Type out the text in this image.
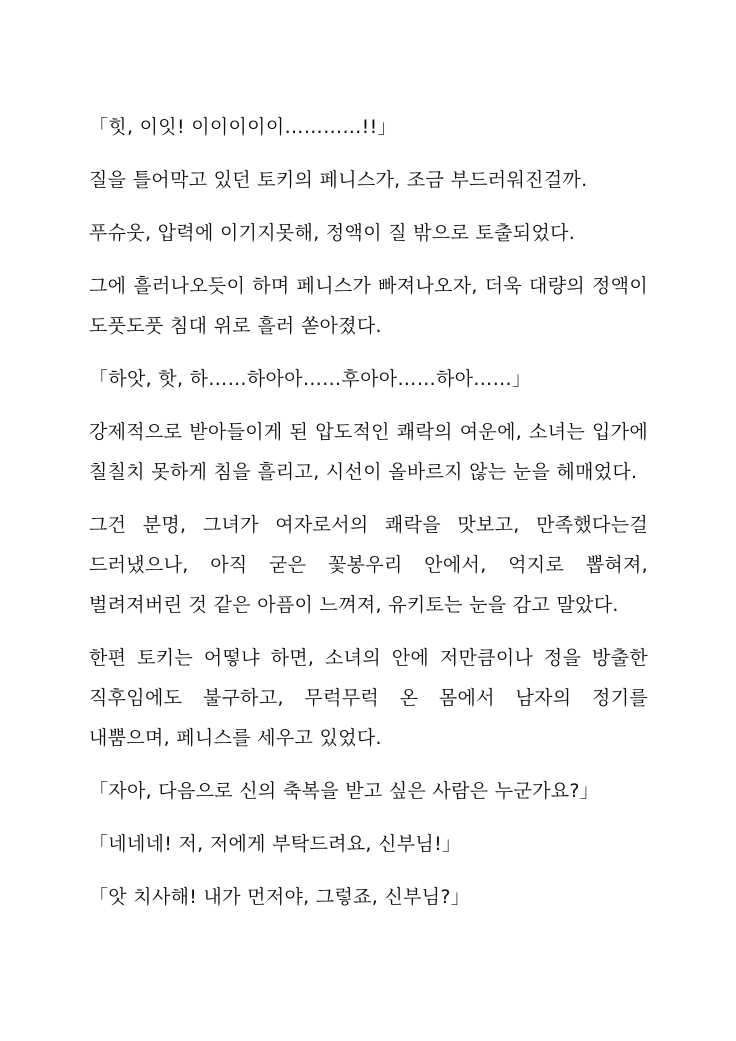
「힛, 이잇! 이이이이이…………!!」

질을 틀어막고 있던 토키의 페니스가, 조금 부드러워진걸까.

푸슈웃, 압력에 이기지못해, 정액이 질 밖으로 토출되었다.

그에 흘러나오듯이 하며 페니스가 빠져나오자, 더욱 대량의 정액이 도풋도풋 침대 위로 흘러 쏟아졌다.

「하앗, 핫, 하……하아아……후아아……하아……」

강제적으로 받아들이게 된 압도적인 쾌락의 여운에, 소녀는 입가에 칠칠치 못하게 침을 흘리고, 시선이 올바르지 않는 눈을 헤매었다.

그건 분명, 그녀가 여자로서의 쾌락을 맛보고, 만족했다는걸 드러냈으나, 아직 굳은 꽃봉우리 안에서, 억지로 뽑혀져, 벌려져버린 것 같은 아픔이 느껴져, 유키토는 눈을 감고 말았다.

한편 토키는 어떻냐 하면, 소녀의 안에 저만큼이나 정을 방출한 직후임에도 불구하고, 무럭무럭 온 몸에서 남자의 정기를 내뿜으며, 페니스를 세우고 있었다.

「자아, 다음으로 신의 축복을 받고 싶은 사람은 누군가요?」

「네네네! 저, 저에게 부탁드려요, 신부님!」

「앗 치사해! 내가 먼저야, 그렇죠, 신부님?」
